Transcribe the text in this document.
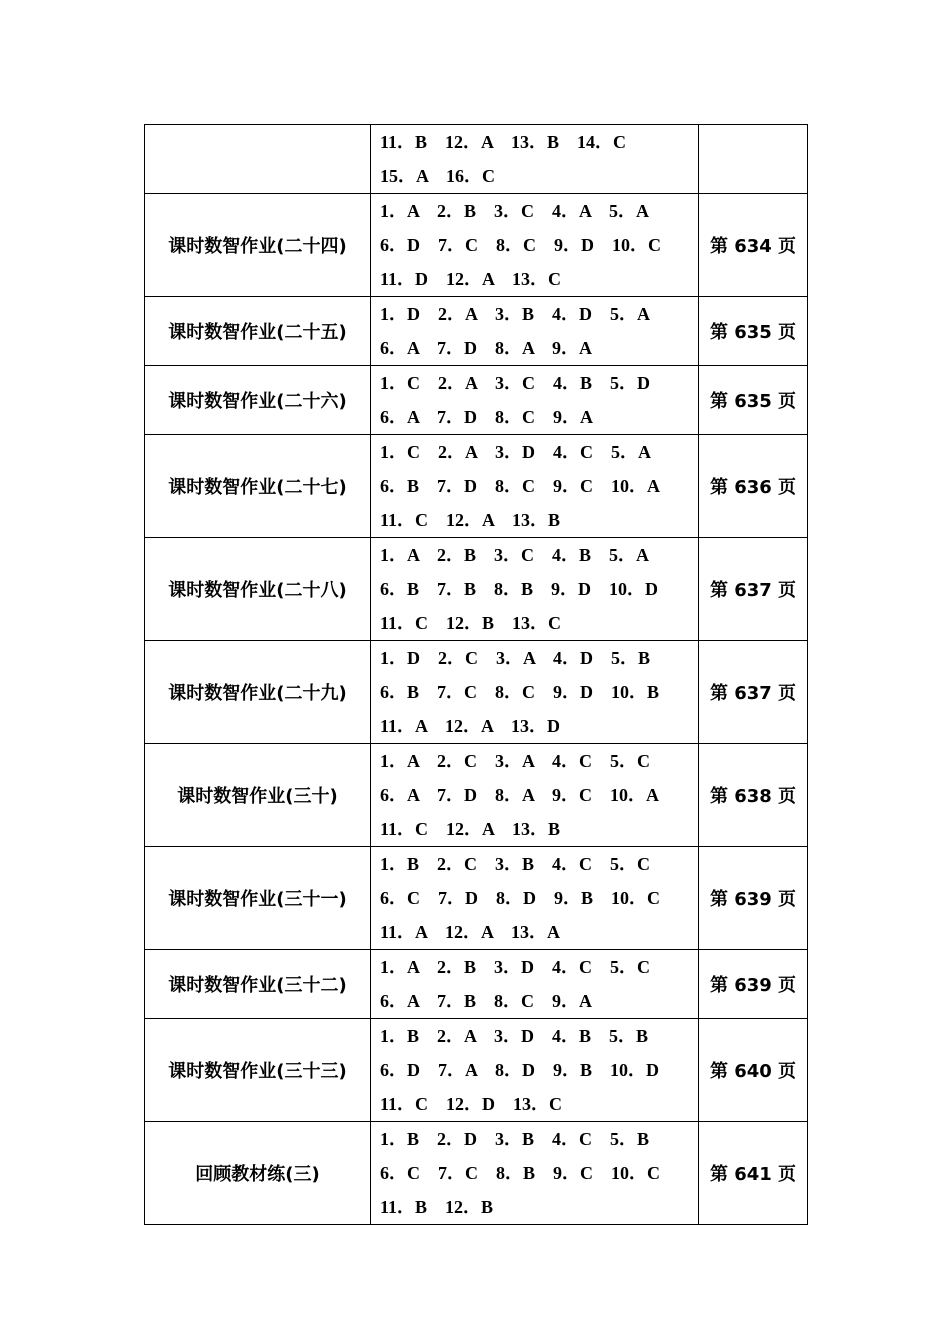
	11．B　12．A　13．B　14．C
15．A　16．C	

课时数智作业(二十四)	1．A　2．B　3．C　4．A　5．A
6．D　7．C　8．C　9．D　10．C
11．D　12．A　13．C	第 634 页
课时数智作业(二十五)	1．D　2．A　3．B　4．D　5．A
6．A　7．D　8．A　9．A	第 635 页
课时数智作业(二十六)	1．C　2．A　3．C　4．B　5．D
6．A　7．D　8．C　9．A	第 635 页
课时数智作业(二十七)	1．C　2．A　3．D　4．C　5．A
6．B　7．D　8．C　9．C　10．A
11．C　12．A　13．B	第 636 页
课时数智作业(二十八)	1．A　2．B　3．C　4．B　5．A
6．B　7．B　8．B　9．D　10．D
11．C　12．B　13．C	第 637 页
课时数智作业(二十九)	1．D　2．C　3．A　4．D　5．B
6．B　7．C　8．C　9．D　10．B
11．A　12．A　13．D	第 637 页
课时数智作业(三十)	1．A　2．C　3．A　4．C　5．C
6．A　7．D　8．A　9．C　10．A
11．C　12．A　13．B	第 638 页
课时数智作业(三十一)	1．B　2．C　3．B　4．C　5．C
6．C　7．D　8．D　9．B　10．C
11．A　12．A　13．A	第 639 页
课时数智作业(三十二)	1．A　2．B　3．D　4．C　5．C
6．A　7．B　8．C　9．A	第 639 页
课时数智作业(三十三)	1．B　2．A　3．D　4．B　5．B
6．D　7．A　8．D　9．B　10．D
11．C　12．D　13．C	第 640 页
回顾教材练(三)	1．B　2．D　3．B　4．C　5．B
6．C　7．C　8．B　9．C　10．C
11．B　12．B	第 641 页
